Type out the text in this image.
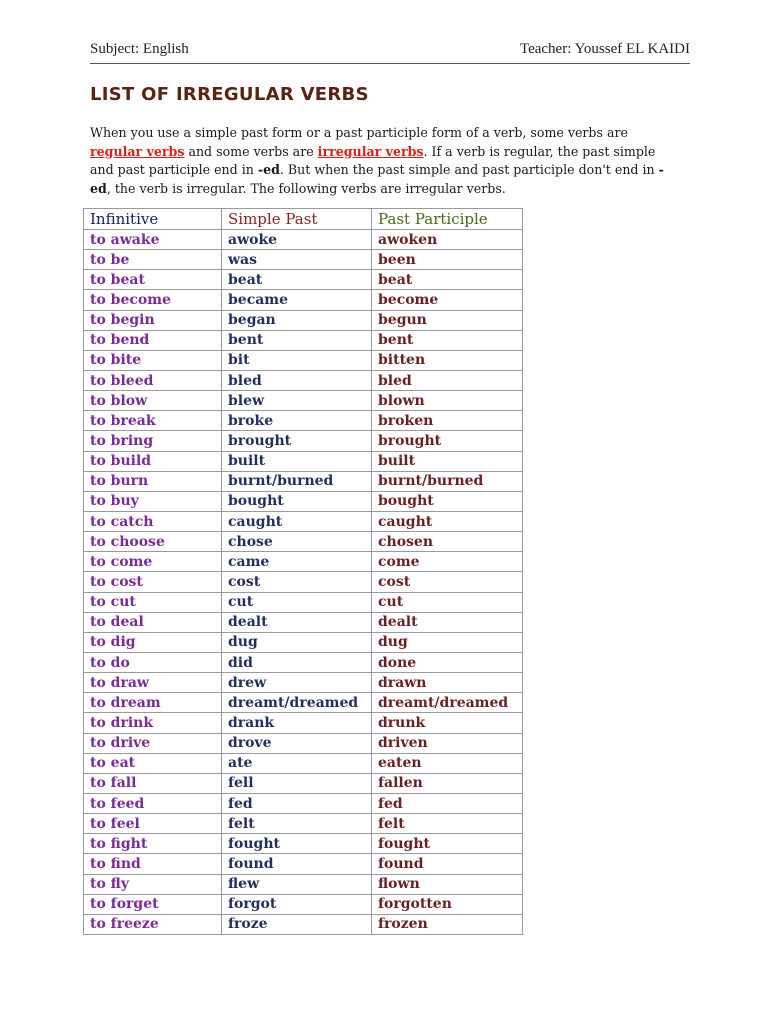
Subject: English	Teacher: Youssef EL KAIDI
LIST OF IRREGULAR VERBS

When you use a simple past form or a past participle form of a verb, some verbs are regular verbs and some verbs are irregular verbs. If a verb is regular, the past simple and past participle end in -ed. But when the past simple and past participle don't end in -ed, the verb is irregular. The following verbs are irregular verbs.

Infinitive	Simple Past	Past Participle
to awake	awoke	awoken
to be	was	been
to beat	beat	beat
to become	became	become
to begin	began	begun
to bend	bent	bent
to bite	bit	bitten
to bleed	bled	bled
to blow	blew	blown
to break	broke	broken
to bring	brought	brought
to build	built	built
to burn	burnt/burned	burnt/burned
to buy	bought	bought
to catch	caught	caught
to choose	chose	chosen
to come	came	come
to cost	cost	cost
to cut	cut	cut
to deal	dealt	dealt
to dig	dug	dug
to do	did	done
to draw	drew	drawn
to dream	dreamt/dreamed	dreamt/dreamed
to drink	drank	drunk
to drive	drove	driven
to eat	ate	eaten
to fall	fell	fallen
to feed	fed	fed
to feel	felt	felt
to fight	fought	fought
to find	found	found
to fly	flew	flown
to forget	forgot	forgotten
to freeze	froze	frozen
